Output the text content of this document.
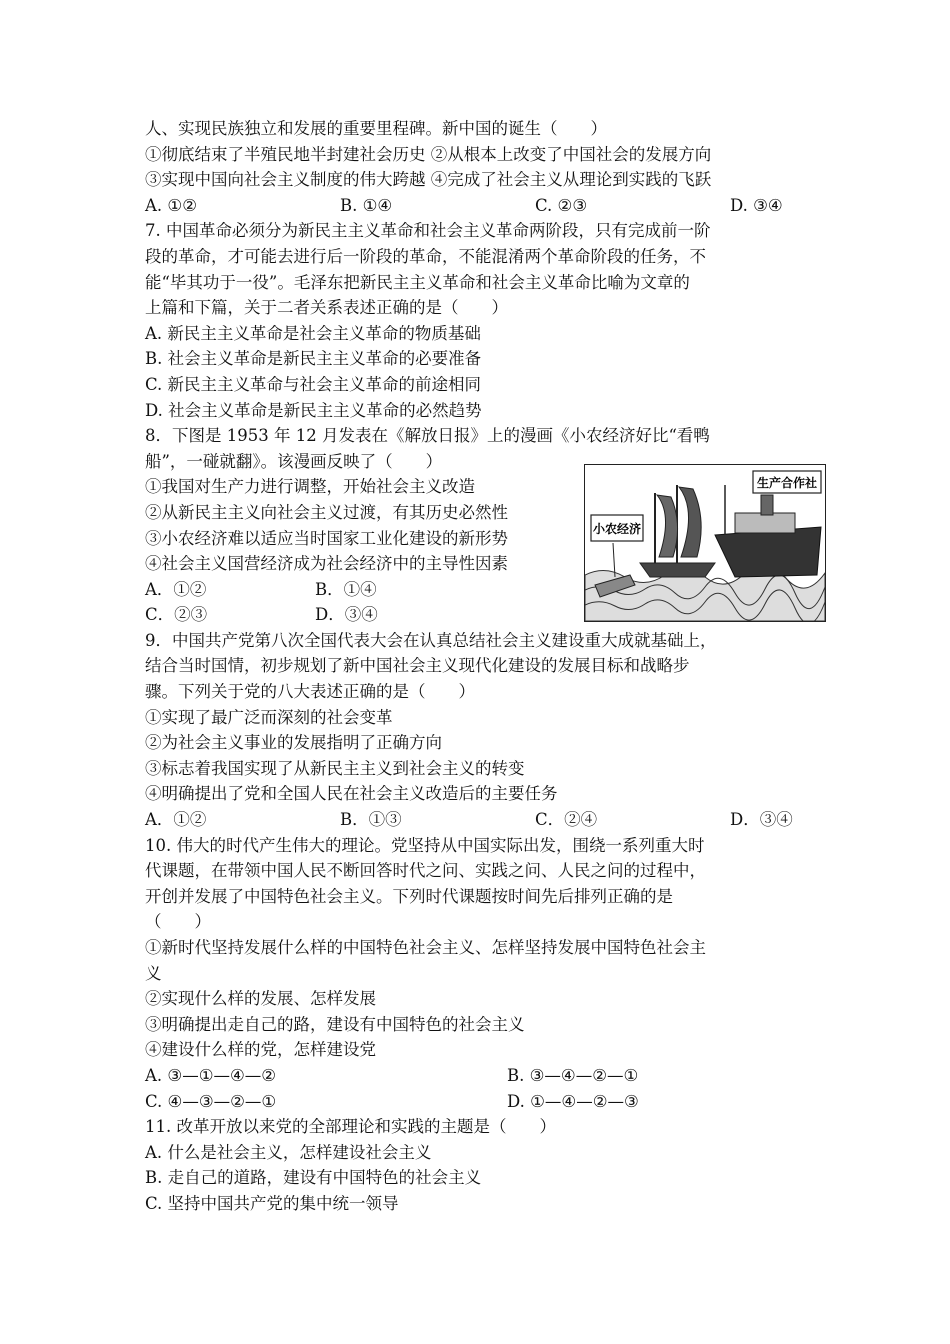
人、实现民族独立和发展的重要里程碑。新中国的诞生（　　）
①彻底结束了半殖民地半封建社会历史 ②从根本上改变了中国社会的发展方向
③实现中国向社会主义制度的伟大跨越 ④完成了社会主义从理论到实践的飞跃
A. ①②	B. ①④	C. ②③	D. ③④
7. 中国革命必须分为新民主主义革命和社会主义革命两阶段，只有完成前一阶
段的革命，才可能去进行后一阶段的革命，不能混淆两个革命阶段的任务，不
能“毕其功于一役”。毛泽东把新民主主义革命和社会主义革命比喻为文章的
上篇和下篇，关于二者关系表述正确的是（　　）
A. 新民主主义革命是社会主义革命的物质基础
B. 社会主义革命是新民主主义革命的必要准备
C. 新民主主义革命与社会主义革命的前途相同
D. 社会主义革命是新民主主义革命的必然趋势
8．下图是 1953 年 12 月发表在《解放日报》上的漫画《小农经济好比“看鸭
船”，一碰就翻》。该漫画反映了（　　）
①我国对生产力进行调整，开始社会主义改造
②从新民主主义向社会主义过渡，有其历史必然性
③小农经济难以适应当时国家工业化建设的新形势
④社会主义国营经济成为社会经济中的主导性因素
A．①②	B．①④
C．②③	D．③④
9．中国共产党第八次全国代表大会在认真总结社会主义建设重大成就基础上，
结合当时国情，初步规划了新中国社会主义现代化建设的发展目标和战略步
骤。下列关于党的八大表述正确的是（　　）
①实现了最广泛而深刻的社会变革
②为社会主义事业的发展指明了正确方向
③标志着我国实现了从新民主主义到社会主义的转变
④明确提出了党和全国人民在社会主义改造后的主要任务
A．①②	B．①③	C．②④	D．③④
10. 伟大的时代产生伟大的理论。党坚持从中国实际出发，围绕一系列重大时
代课题，在带领中国人民不断回答时代之问、实践之问、人民之问的过程中，
开创并发展了中国特色社会主义。下列时代课题按时间先后排列正确的是
（　　）
①新时代坚持发展什么样的中国特色社会主义、怎样坚持发展中国特色社会主
义
②实现什么样的发展、怎样发展
③明确提出走自己的路，建设有中国特色的社会主义
④建设什么样的党，怎样建设党
A. ③—①—④—②	B. ③—④—②—①
C. ④—③—②—①	D. ①—④—②—③
11. 改革开放以来党的全部理论和实践的主题是（　　）
A. 什么是社会主义，怎样建设社会主义
B. 走自己的道路，建设有中国特色的社会主义
C. 坚持中国共产党的集中统一领导
小农经济
生产合作社
